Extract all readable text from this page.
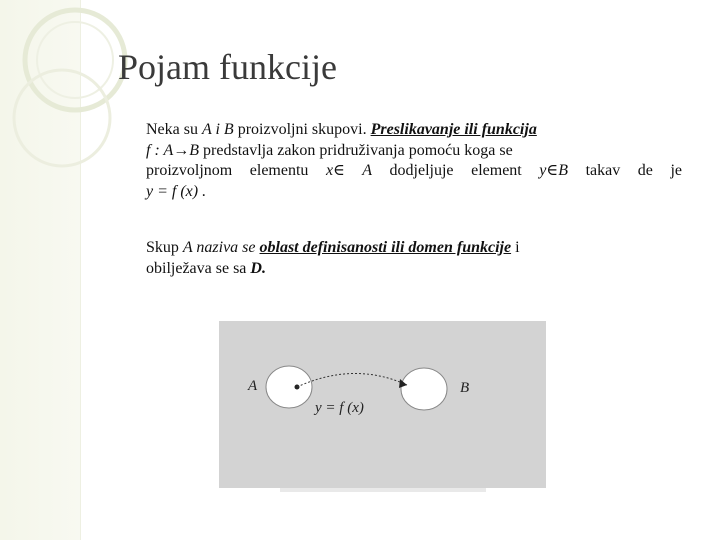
Pojam funkcije
Neka su A i B proizvoljni skupovi. Preslikavanje ili funkcija
f : A→B predstavlja zakon pridruživanja pomoću koga se

proizvoljnom elementu x∈ A dodjeljuje element y∈B takav de je
y = f (x) .
Skup A naziva se oblast definisanosti ili domen funkcije i
obilježava se sa D.
A	B
y = f (x)
